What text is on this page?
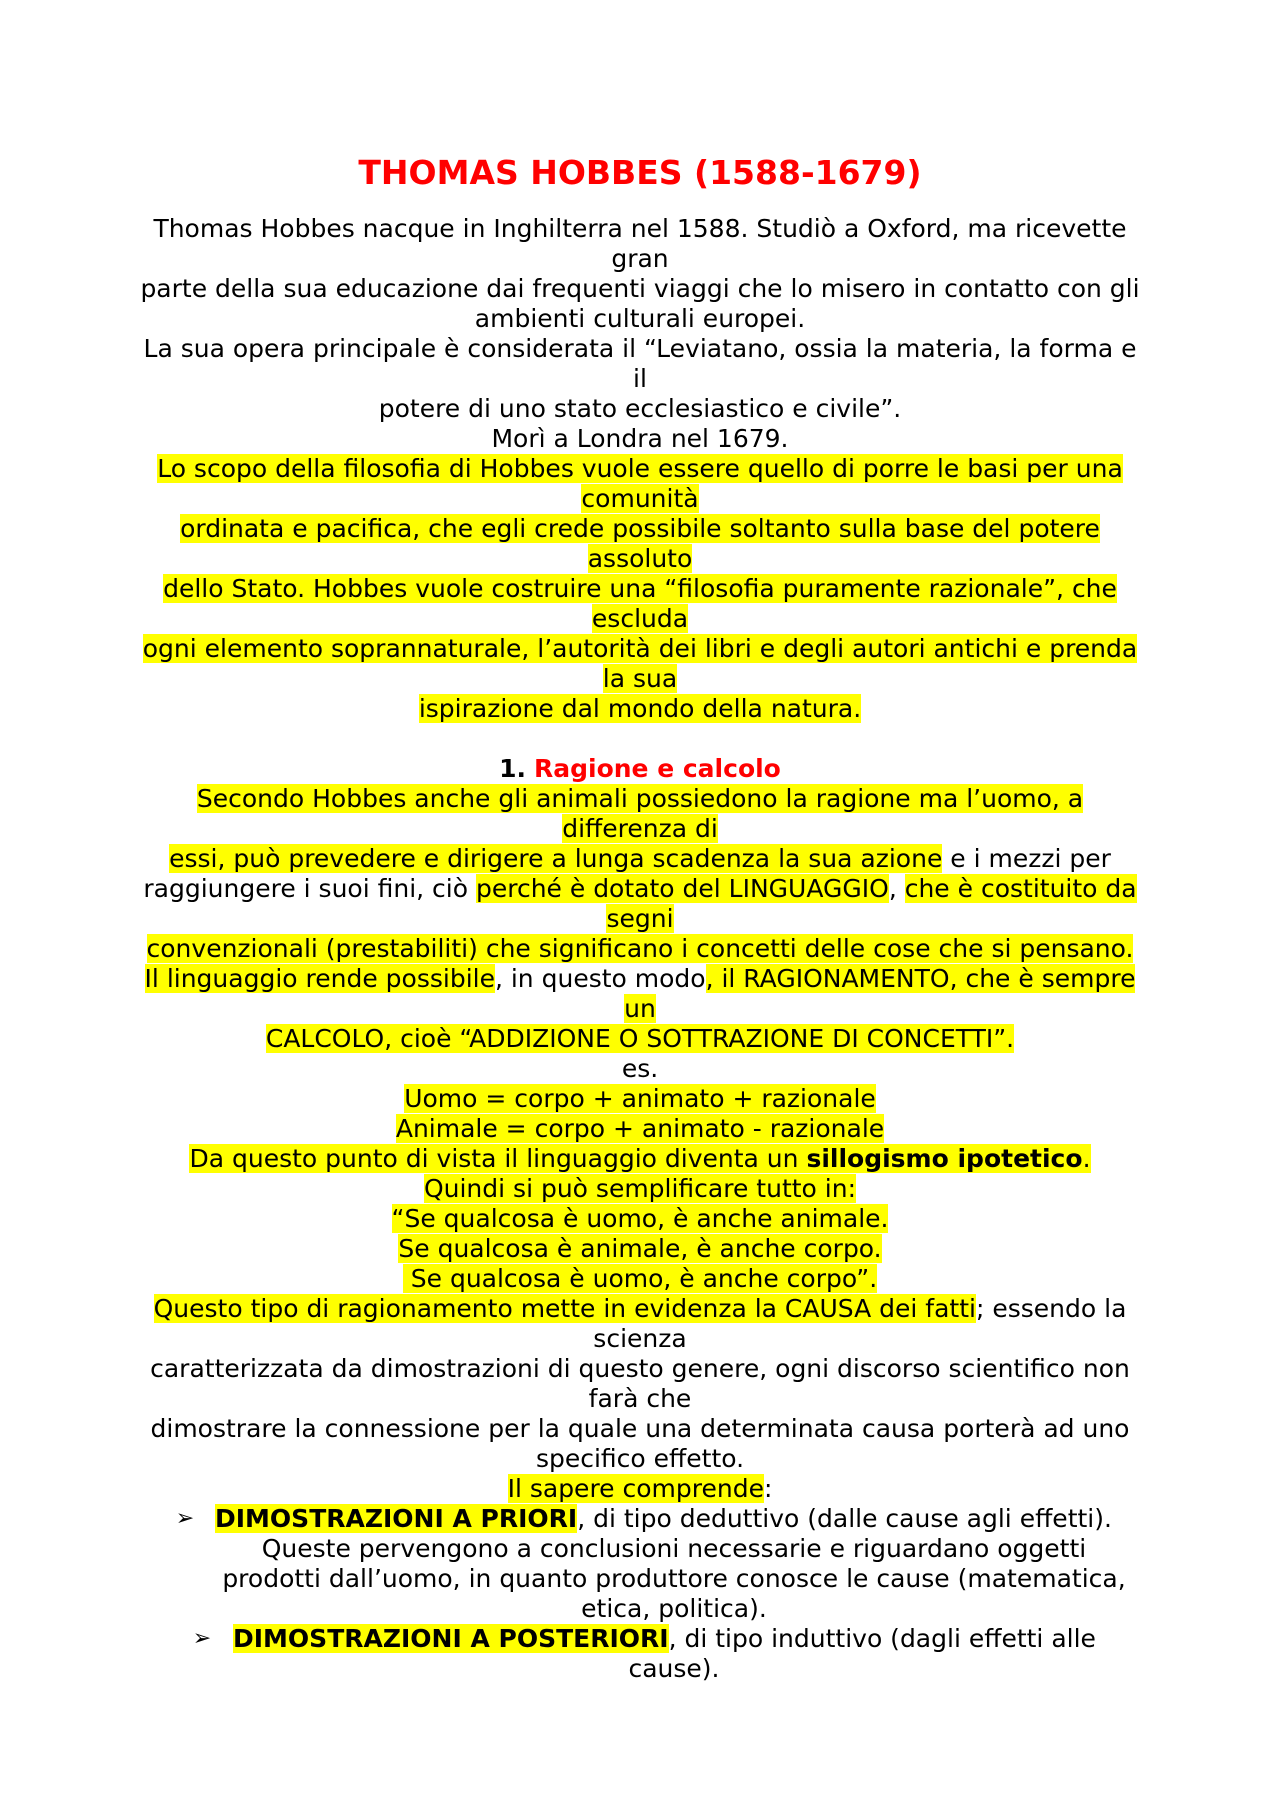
THOMAS HOBBES (1588-1679)
Thomas Hobbes nacque in Inghilterra nel 1588. Studiò a Oxford, ma ricevette
gran
parte della sua educazione dai frequenti viaggi che lo misero in contatto con gli
ambienti culturali europei.
La sua opera principale è considerata il “Leviatano, ossia la materia, la forma e
il
potere di uno stato ecclesiastico e civile”.
Morì a Londra nel 1679.
Lo scopo della filosofia di Hobbes vuole essere quello di porre le basi per una
comunità
ordinata e pacifica, che egli crede possibile soltanto sulla base del potere
assoluto
dello Stato. Hobbes vuole costruire una “filosofia puramente razionale”, che
escluda
ogni elemento soprannaturale, l’autorità dei libri e degli autori antichi e prenda
la sua
ispirazione dal mondo della natura.
1. Ragione e calcolo
Secondo Hobbes anche gli animali possiedono la ragione ma l’uomo, a
differenza di
essi, può prevedere e dirigere a lunga scadenza la sua azione e i mezzi per
raggiungere i suoi fini, ciò perché è dotato del LINGUAGGIO, che è costituito da
segni
convenzionali (prestabiliti) che significano i concetti delle cose che si pensano.
Il linguaggio rende possibile, in questo modo, il RAGIONAMENTO, che è sempre
un
CALCOLO, cioè “ADDIZIONE O SOTTRAZIONE DI CONCETTI”.
es.
Uomo = corpo + animato + razionale
Animale = corpo + animato - razionale
Da questo punto di vista il linguaggio diventa un sillogismo ipotetico.
Quindi si può semplificare tutto in:
“Se qualcosa è uomo, è anche animale.
Se qualcosa è animale, è anche corpo.
Se qualcosa è uomo, è anche corpo”.
Questo tipo di ragionamento mette in evidenza la CAUSA dei fatti; essendo la
scienza
caratterizzata da dimostrazioni di questo genere, ogni discorso scientifico non
farà che
dimostrare la connessione per la quale una determinata causa porterà ad uno
specifico effetto.
Il sapere comprende:
➢ DIMOSTRAZIONI A PRIORI, di tipo deduttivo (dalle cause agli effetti).
Queste pervengono a conclusioni necessarie e riguardano oggetti
prodotti dall’uomo, in quanto produttore conosce le cause (matematica,
etica, politica).
➢ DIMOSTRAZIONI A POSTERIORI, di tipo induttivo (dagli effetti alle
cause).
